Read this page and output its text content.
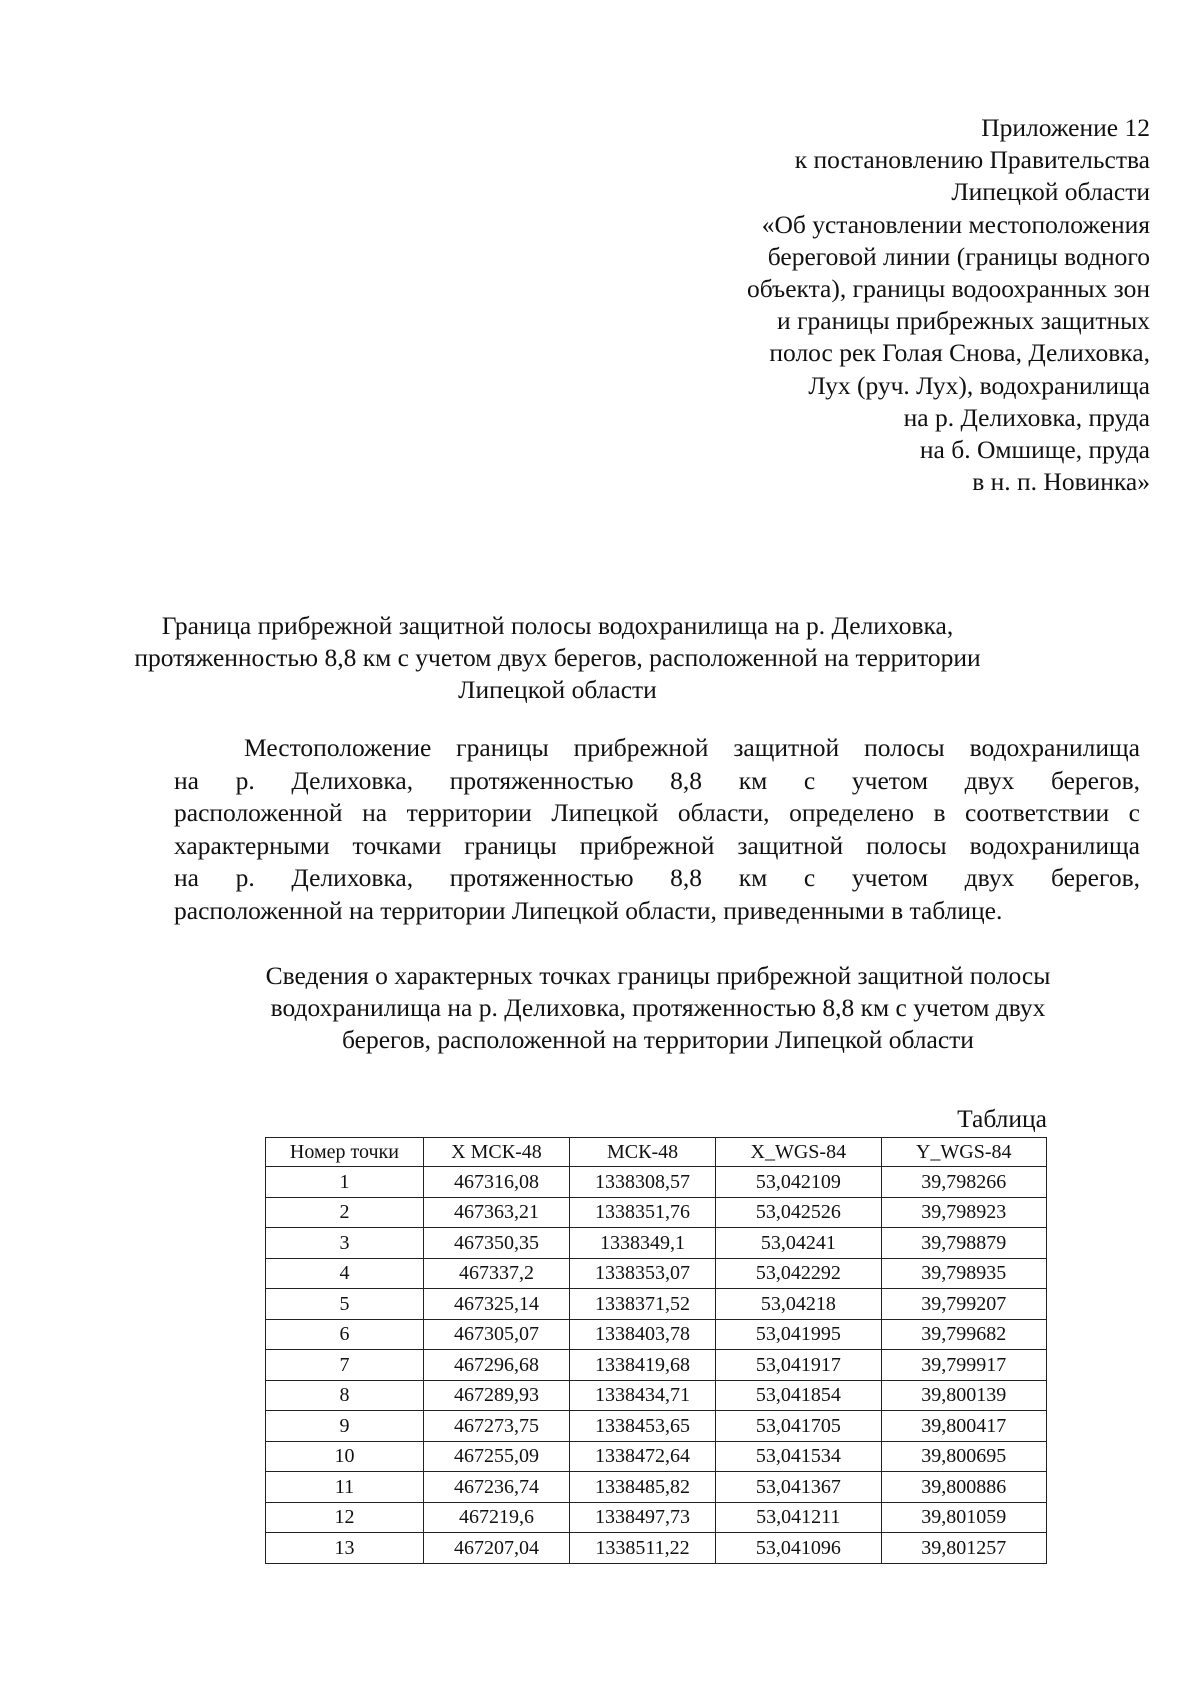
Приложение 12
к постановлению Правительства
Липецкой области
«Об установлении местоположения
береговой линии (границы водного
объекта), границы водоохранных зон
и границы прибрежных защитных
полос рек Голая Снова, Делиховка,
Лух (руч. Лух), водохранилища
на р. Делиховка, пруда
на б. Омшище, пруда
в н. п. Новинка»
Граница прибрежной защитной полосы водохранилища на р. Делиховка,
протяженностью 8,8 км с учетом двух берегов, расположенной на территории
Липецкой области
Местоположение границы прибрежной защитной полосы водохранилища
на р. Делиховка, протяженностью 8,8 км с учетом двух берегов,
расположенной на территории Липецкой области, определено в соответствии с
характерными точками границы прибрежной защитной полосы водохранилища
на р. Делиховка, протяженностью 8,8 км с учетом двух берегов,
расположенной на территории Липецкой области, приведенными в таблице.
Сведения о характерных точках границы прибрежной защитной полосы
водохранилища на р. Делиховка, протяженностью 8,8 км с учетом двух
берегов, расположенной на территории Липецкой области
Таблица
Номер точки	X МСК-48	МСК-48	X_WGS-84	Y_WGS-84
1	467316,08	1338308,57	53,042109	39,798266
2	467363,21	1338351,76	53,042526	39,798923
3	467350,35	1338349,1	53,04241	39,798879
4	467337,2	1338353,07	53,042292	39,798935
5	467325,14	1338371,52	53,04218	39,799207
6	467305,07	1338403,78	53,041995	39,799682
7	467296,68	1338419,68	53,041917	39,799917
8	467289,93	1338434,71	53,041854	39,800139
9	467273,75	1338453,65	53,041705	39,800417
10	467255,09	1338472,64	53,041534	39,800695
11	467236,74	1338485,82	53,041367	39,800886
12	467219,6	1338497,73	53,041211	39,801059
13	467207,04	1338511,22	53,041096	39,801257
